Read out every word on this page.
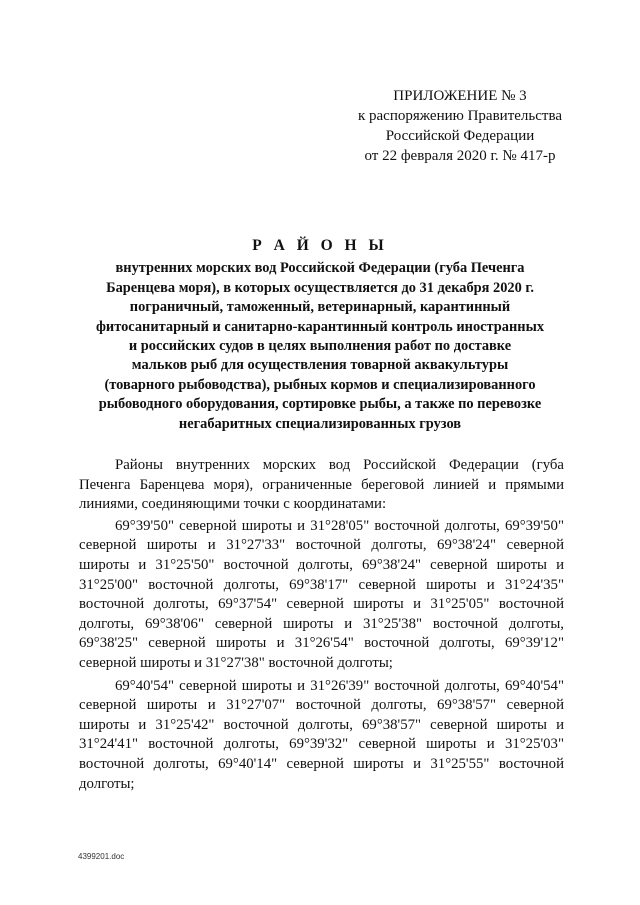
ПРИЛОЖЕНИЕ № 3
к распоряжению Правительства
Российской Федерации
от 22 февраля 2020 г. № 417-р
Р А Й О Н Ы
внутренних морских вод Российской Федерации (губа Печенга
Баренцева моря), в которых осуществляется до 31 декабря 2020 г.
пограничный, таможенный, ветеринарный, карантинный
фитосанитарный и санитарно-карантинный контроль иностранных
и российских судов в целях выполнения работ по доставке
мальков рыб для осуществления товарной аквакультуры
(товарного рыбоводства), рыбных кормов и специализированного
рыбоводного оборудования, сортировке рыбы, а также по перевозке
негабаритных специализированных грузов

Районы внутренних морских вод Российской Федерации (губа Печенга Баренцева моря), ограниченные береговой линией и прямыми линиями, соединяющими точки с координатами:

69°39'50" северной широты и 31°28'05" восточной долготы, 69°39'50" северной широты и 31°27'33" восточной долготы, 69°38'24" северной широты и 31°25'50" восточной долготы, 69°38'24" северной широты и 31°25'00" восточной долготы, 69°38'17" северной широты и 31°24'35" восточной долготы, 69°37'54" северной широты и 31°25'05" восточной долготы, 69°38'06" северной широты и 31°25'38" восточной долготы, 69°38'25" северной широты и 31°26'54" восточной долготы, 69°39'12" северной широты и 31°27'38" восточной долготы;

69°40'54" северной широты и 31°26'39" восточной долготы, 69°40'54" северной широты и 31°27'07" восточной долготы, 69°38'57" северной широты и 31°25'42" восточной долготы, 69°38'57" северной широты и 31°24'41" восточной долготы, 69°39'32" северной широты и 31°25'03" восточной долготы, 69°40'14" северной широты и 31°25'55" восточной долготы;

4399201.doc
